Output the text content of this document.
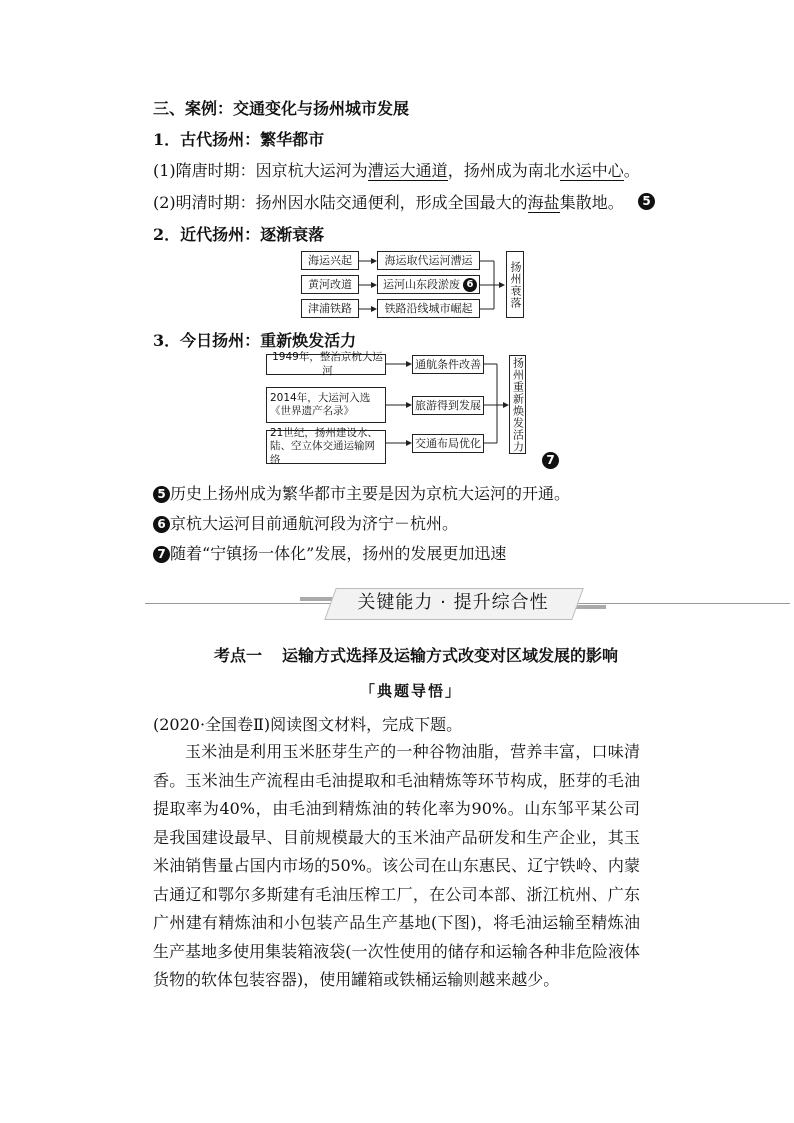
三、案例：交通变化与扬州城市发展
1．古代扬州：繁华都市
(1)隋唐时期：因京杭大运河为漕运大通道，扬州成为南北水运中心。
(2)明清时期：扬州因水陆交通便利，形成全国最大的海盐集散地。	5
2．近代扬州：逐渐衰落
海运兴起
黄河改道
津浦铁路
海运取代运河漕运
运河山东段淤废 6
铁路沿线城市崛起	扬州衰落
3．今日扬州：重新焕发活力
1949年，整治京杭大运河
2014年，大运河入选《世界遗产名录》
21世纪，扬州建设水、陆、空立体交通运输网络
通航条件改善
旅游得到发展
交通布局优化	扬州重新焕发活力
7
5 历史上扬州成为繁华都市主要是因为京杭大运河的开通。
6 京杭大运河目前通航河段为济宁－杭州。
7 随着“宁镇扬一体化”发展，扬州的发展更加迅速
关键能力 · 提升综合性
考点一 运输方式选择及运输方式改变对区域发展的影响
「典题导悟」
(2020·全国卷Ⅱ)阅读图文材料，完成下题。
玉米油是利用玉米胚芽生产的一种谷物油脂，营养丰富，口味清香。玉米油生产流程由毛油提取和毛油精炼等环节构成，胚芽的毛油提取率为40%，由毛油到精炼油的转化率为90%。山东邹平某公司是我国建设最早、目前规模最大的玉米油产品研发和生产企业，其玉米油销售量占国内市场的50%。该公司在山东惠民、辽宁铁岭、内蒙古通辽和鄂尔多斯建有毛油压榨工厂，在公司本部、浙江杭州、广东广州建有精炼油和小包装产品生产基地(下图)，将毛油运输至精炼油生产基地多使用集装箱液袋(一次性使用的储存和运输各种非危险液体货物的软体包装容器)，使用罐箱或铁桶运输则越来越少。
